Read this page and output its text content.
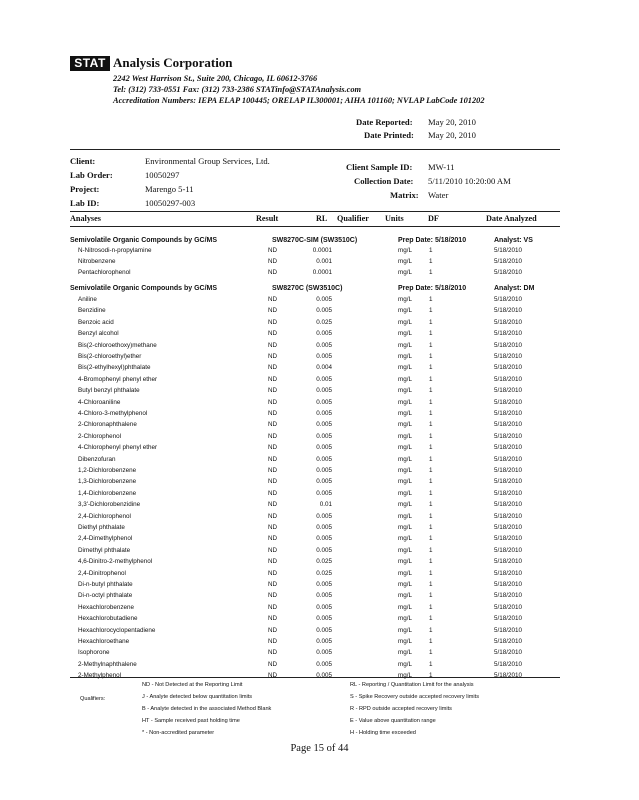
STAT Analysis Corporation
2242 West Harrison St., Suite 200, Chicago, IL 60612-3766
Tel: (312) 733-0551 Fax: (312) 733-2386 STATinfo@STATAnalysis.com
Accreditation Numbers: IEPA ELAP 100445; ORELAP IL300001; AIHA 101160; NVLAP LabCode 101202
Date Reported: May 20, 2010
Date Printed: May 20, 2010
Client:	Environmental Group Services, Ltd.
Lab Order:	10050297
Project:	Marengo 5-11
Lab ID:	10050297-003
Client Sample ID: MW-11
Collection Date: 5/11/2010 10:20:00 AM
Matrix: Water
Analyses	Result	RL Qualifier Units	DF	Date Analyzed
Semivolatile Organic Compounds by GC/MS	SW8270C-SIM (SW3510C)	Prep Date: 5/18/2010	Analyst: VS
N-Nitrosodi-n-propylamine	ND	0.0001	mg/L	1	5/18/2010
Nitrobenzene	ND	0.001	mg/L	1	5/18/2010
Pentachlorophenol	ND	0.0001	mg/L	1	5/18/2010
Semivolatile Organic Compounds by GC/MS	SW8270C (SW3510C)	Prep Date: 5/18/2010	Analyst: DM
Aniline	ND	0.005	mg/L	1	5/18/2010
Benzidine	ND	0.005	mg/L	1	5/18/2010
Benzoic acid	ND	0.025	mg/L	1	5/18/2010
Benzyl alcohol	ND	0.005	mg/L	1	5/18/2010
Bis(2-chloroethoxy)methane	ND	0.005	mg/L	1	5/18/2010
Bis(2-chloroethyl)ether	ND	0.005	mg/L	1	5/18/2010
Bis(2-ethylhexyl)phthalate	ND	0.004	mg/L	1	5/18/2010
4-Bromophenyl phenyl ether	ND	0.005	mg/L	1	5/18/2010
Butyl benzyl phthalate	ND	0.005	mg/L	1	5/18/2010
4-Chloroaniline	ND	0.005	mg/L	1	5/18/2010
4-Chloro-3-methylphenol	ND	0.005	mg/L	1	5/18/2010
2-Chloronaphthalene	ND	0.005	mg/L	1	5/18/2010
2-Chlorophenol	ND	0.005	mg/L	1	5/18/2010
4-Chlorophenyl phenyl ether	ND	0.005	mg/L	1	5/18/2010
Dibenzofuran	ND	0.005	mg/L	1	5/18/2010
1,2-Dichlorobenzene	ND	0.005	mg/L	1	5/18/2010
1,3-Dichlorobenzene	ND	0.005	mg/L	1	5/18/2010
1,4-Dichlorobenzene	ND	0.005	mg/L	1	5/18/2010
3,3'-Dichlorobenzidine	ND	0.01	mg/L	1	5/18/2010
2,4-Dichlorophenol	ND	0.005	mg/L	1	5/18/2010
Diethyl phthalate	ND	0.005	mg/L	1	5/18/2010
2,4-Dimethylphenol	ND	0.005	mg/L	1	5/18/2010
Dimethyl phthalate	ND	0.005	mg/L	1	5/18/2010
4,6-Dinitro-2-methylphenol	ND	0.025	mg/L	1	5/18/2010
2,4-Dinitrophenol	ND	0.025	mg/L	1	5/18/2010
Di-n-butyl phthalate	ND	0.005	mg/L	1	5/18/2010
Di-n-octyl phthalate	ND	0.005	mg/L	1	5/18/2010
Hexachlorobenzene	ND	0.005	mg/L	1	5/18/2010
Hexachlorobutadiene	ND	0.005	mg/L	1	5/18/2010
Hexachlorocyclopentadiene	ND	0.005	mg/L	1	5/18/2010
Hexachloroethane	ND	0.005	mg/L	1	5/18/2010
Isophorone	ND	0.005	mg/L	1	5/18/2010
2-Methylnaphthalene	ND	0.005	mg/L	1	5/18/2010
2-Methylphenol	ND	0.005	mg/L	1	5/18/2010
Qualifiers:
ND - Not Detected at the Reporting Limit
J - Analyte detected below quantitation limits
B - Analyte detected in the associated Method Blank
HT - Sample received past holding time
* - Non-accredited parameter
RL - Reporting / Quantitation Limit for the analysis
S - Spike Recovery outside accepted recovery limits
R - RPD outside accepted recovery limits
E - Value above quantitation range
H - Holding time exceeded
Page 15 of 44
